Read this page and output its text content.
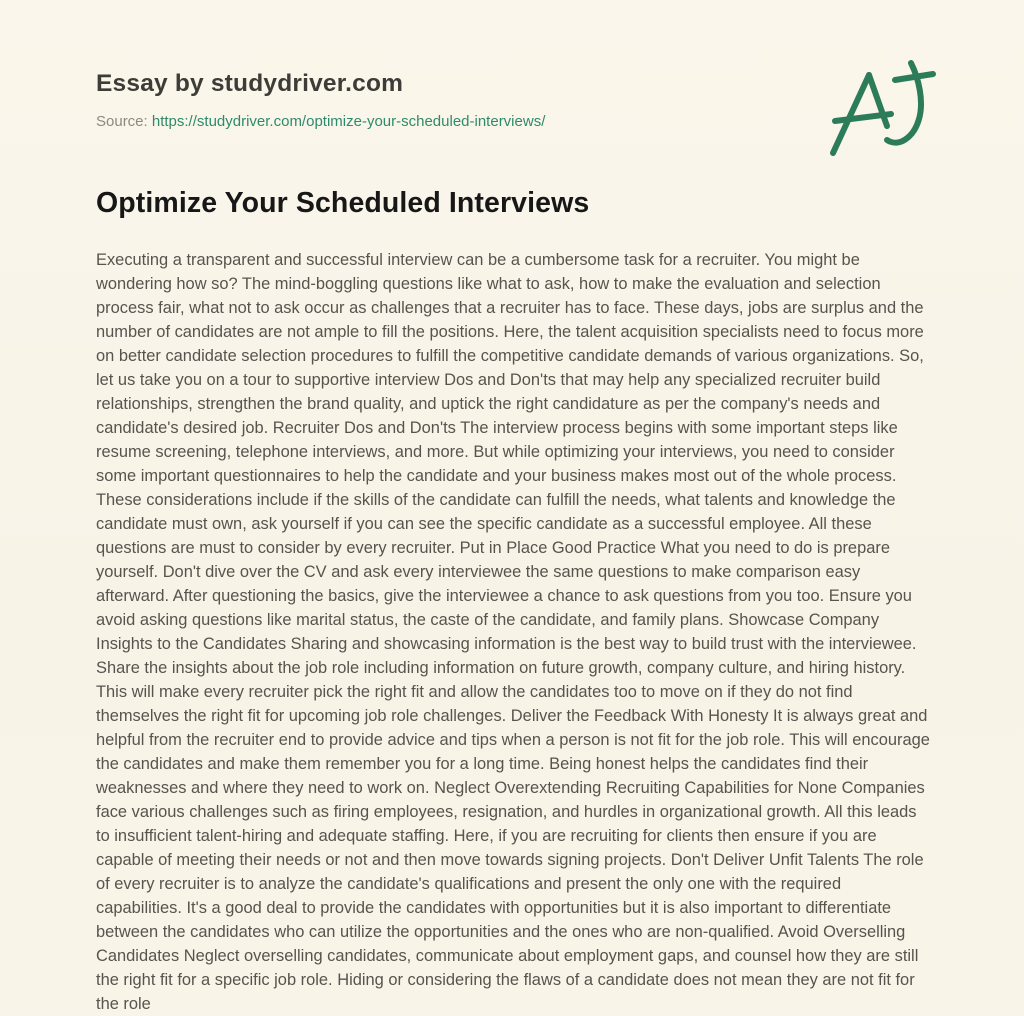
Essay by studydriver.com

Source: https://studydriver.com/optimize-your-scheduled-interviews/

Optimize Your Scheduled Interviews

Executing a transparent and successful interview can be a cumbersome task for a recruiter. You might be wondering how so? The mind-boggling questions like what to ask, how to make the evaluation and selection process fair, what not to ask occur as challenges that a recruiter has to face. These days, jobs are surplus and the number of candidates are not ample to fill the positions. Here, the talent acquisition specialists need to focus more on better candidate selection procedures to fulfill the competitive candidate demands of various organizations. So, let us take you on a tour to supportive interview Dos and Don'ts that may help any specialized recruiter build relationships, strengthen the brand quality, and uptick the right candidature as per the company's needs and candidate's desired job. Recruiter Dos and Don'ts The interview process begins with some important steps like resume screening, telephone interviews, and more. But while optimizing your interviews, you need to consider some important questionnaires to help the candidate and your business makes most out of the whole process. These considerations include if the skills of the candidate can fulfill the needs, what talents and knowledge the candidate must own, ask yourself if you can see the specific candidate as a successful employee. All these questions are must to consider by every recruiter. Put in Place Good Practice What you need to do is prepare yourself. Don't dive over the CV and ask every interviewee the same questions to make comparison easy afterward. After questioning the basics, give the interviewee a chance to ask questions from you too. Ensure you avoid asking questions like marital status, the caste of the candidate, and family plans. Showcase Company Insights to the Candidates Sharing and showcasing information is the best way to build trust with the interviewee. Share the insights about the job role including information on future growth, company culture, and hiring history. This will make every recruiter pick the right fit and allow the candidates too to move on if they do not find themselves the right fit for upcoming job role challenges. Deliver the Feedback With Honesty It is always great and helpful from the recruiter end to provide advice and tips when a person is not fit for the job role. This will encourage the candidates and make them remember you for a long time. Being honest helps the candidates find their weaknesses and where they need to work on. Neglect Overextending Recruiting Capabilities for None Companies face various challenges such as firing employees, resignation, and hurdles in organizational growth. All this leads to insufficient talent-hiring and adequate staffing. Here, if you are recruiting for clients then ensure if you are capable of meeting their needs or not and then move towards signing projects. Don't Deliver Unfit Talents The role of every recruiter is to analyze the candidate's qualifications and present the only one with the required capabilities. It's a good deal to provide the candidates with opportunities but it is also important to differentiate between the candidates who can utilize the opportunities and the ones who are non-qualified. Avoid Overselling Candidates Neglect overselling candidates, communicate about employment gaps, and counsel how they are still the right fit for a specific job role. Hiding or considering the flaws of a candidate does not mean they are not fit for the role
